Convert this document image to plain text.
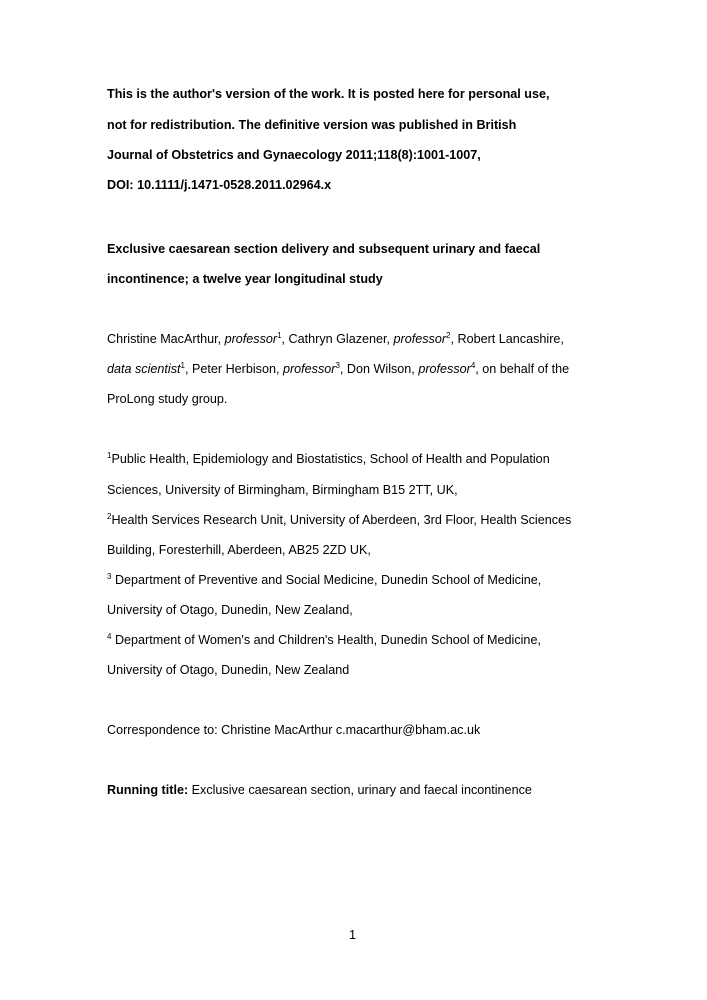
This is the author's version of the work. It is posted here for personal use,
not for redistribution. The definitive version was published in British
Journal of Obstetrics and Gynaecology 2011;118(8):1001-1007,
DOI: 10.1111/j.1471-0528.2011.02964.x
Exclusive caesarean section delivery and subsequent urinary and faecal
incontinence; a twelve year longitudinal study
Christine MacArthur, professor$^1$, Cathryn Glazener, professor$^2$, Robert Lancashire,
data scientist$^1$, Peter Herbison, professor$^3$, Don Wilson, professor$^4$, on behalf of the
ProLong study group.
$^1$Public Health, Epidemiology and Biostatistics, School of Health and Population
Sciences, University of Birmingham, Birmingham B15 2TT, UK,
$^2$Health Services Research Unit, University of Aberdeen, 3rd Floor, Health Sciences
Building, Foresterhill, Aberdeen, AB25 2ZD UK,
$^3$ Department of Preventive and Social Medicine, Dunedin School of Medicine,
University of Otago, Dunedin, New Zealand,
$^4$ Department of Women's and Children's Health, Dunedin School of Medicine,
University of Otago, Dunedin, New Zealand
Correspondence to: Christine MacArthur c.macarthur@bham.ac.uk
Running title: Exclusive caesarean section, urinary and faecal incontinence
1
